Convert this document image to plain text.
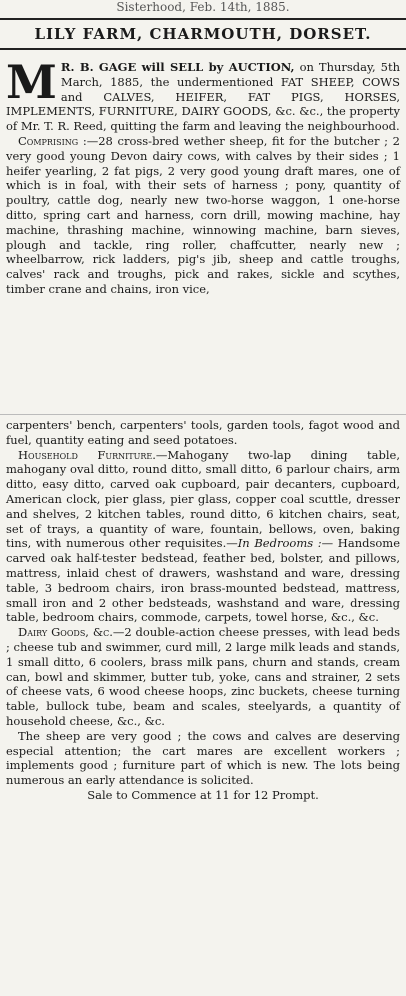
Sisterhood, Feb. 14th, 1885.
LILY FARM, CHARMOUTH, DORSET.

M R. B. GAGE will SELL by AUCTION, on Thursday, 5th March, 1885, the undermentioned FAT SHEEP, COWS and CALVES, HEIFER, FAT PIGS, HORSES, IMPLEMENTS, FURNITURE, DAIRY GOODS, &c. &c., the property of Mr. T. R. Reed, quitting the farm and leaving the neighbourhood.

Comprising :—28 cross-bred wether sheep, fit for the butcher ; 2 very good young Devon dairy cows, with calves by their sides ; 1 heifer yearling, 2 fat pigs, 2 very good young draft mares, one of which is in foal, with their sets of harness ; pony, quantity of poultry, cattle dog, nearly new two-horse waggon, 1 one-horse ditto, spring cart and harness, corn drill, mowing machine, hay machine, thrashing machine, winnowing machine, barn sieves, plough and tackle, ring roller, chaffcutter, nearly new ; wheelbarrow, rick ladders, pig's jib, sheep and cattle troughs, calves' rack and troughs, pick and rakes, sickle and scythes, timber crane and chains, iron vice,

carpenters' bench, carpenters' tools, garden tools, fagot wood and fuel, quantity eating and seed potatoes.

Household Furniture.—Mahogany two-lap dining table, mahogany oval ditto, round ditto, small ditto, 6 parlour chairs, arm ditto, easy ditto, carved oak cupboard, pair decanters, cupboard, American clock, pier glass, pier glass, copper coal scuttle, dresser and shelves, 2 kitchen tables, round ditto, 6 kitchen chairs, seat, set of trays, a quantity of ware, fountain, bellows, oven, baking tins, with numerous other requisites.—In Bedrooms :— Handsome carved oak half-tester bedstead, feather bed, bolster, and pillows, mattress, inlaid chest of drawers, washstand and ware, dressing table, 3 bedroom chairs, iron brass-mounted bedstead, mattress, small iron and 2 other bedsteads, washstand and ware, dressing table, bedroom chairs, commode, carpets, towel horse, &c., &c.

Dairy Goods, &c.—2 double-action cheese presses, with lead beds ; cheese tub and swimmer, curd mill, 2 large milk leads and stands, 1 small ditto, 6 coolers, brass milk pans, churn and stands, cream can, bowl and skimmer, butter tub, yoke, cans and strainer, 2 sets of cheese vats, 6 wood cheese hoops, zinc buckets, cheese turning table, bullock tube, beam and scales, steelyards, a quantity of household cheese, &c., &c.

The sheep are very good ; the cows and calves are deserving especial attention; the cart mares are excellent workers ; implements good ; furniture part of which is new. The lots being numerous an early attendance is solicited.

Sale to Commence at 11 for 12 Prompt.
